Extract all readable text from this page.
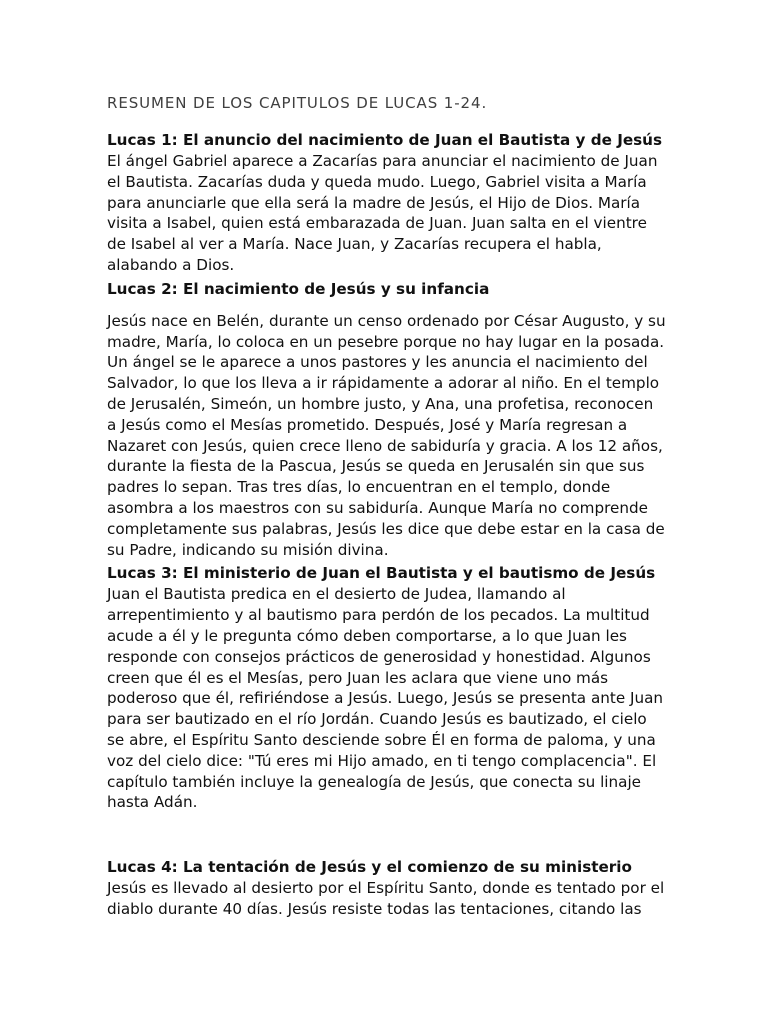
RESUMEN DE LOS CAPITULOS DE LUCAS 1-24.
Lucas 1: El anuncio del nacimiento de Juan el Bautista y de Jesús

El ángel Gabriel aparece a Zacarías para anunciar el nacimiento de Juan el Bautista. Zacarías duda y queda mudo. Luego, Gabriel visita a María para anunciarle que ella será la madre de Jesús, el Hijo de Dios. María visita a Isabel, quien está embarazada de Juan. Juan salta en el vientre de Isabel al ver a María. Nace Juan, y Zacarías recupera el habla, alabando a Dios.

Lucas 2: El nacimiento de Jesús y su infancia

Jesús nace en Belén, durante un censo ordenado por César Augusto, y su madre, María, lo coloca en un pesebre porque no hay lugar en la posada. Un ángel se le aparece a unos pastores y les anuncia el nacimiento del Salvador, lo que los lleva a ir rápidamente a adorar al niño. En el templo de Jerusalén, Simeón, un hombre justo, y Ana, una profetisa, reconocen a Jesús como el Mesías prometido. Después, José y María regresan a Nazaret con Jesús, quien crece lleno de sabiduría y gracia. A los 12 años, durante la fiesta de la Pascua, Jesús se queda en Jerusalén sin que sus padres lo sepan. Tras tres días, lo encuentran en el templo, donde asombra a los maestros con su sabiduría. Aunque María no comprende completamente sus palabras, Jesús les dice que debe estar en la casa de su Padre, indicando su misión divina.

Lucas 3: El ministerio de Juan el Bautista y el bautismo de Jesús

Juan el Bautista predica en el desierto de Judea, llamando al arrepentimiento y al bautismo para perdón de los pecados. La multitud acude a él y le pregunta cómo deben comportarse, a lo que Juan les responde con consejos prácticos de generosidad y honestidad. Algunos creen que él es el Mesías, pero Juan les aclara que viene uno más poderoso que él, refiriéndose a Jesús. Luego, Jesús se presenta ante Juan para ser bautizado en el río Jordán. Cuando Jesús es bautizado, el cielo se abre, el Espíritu Santo desciende sobre Él en forma de paloma, y una voz del cielo dice: "Tú eres mi Hijo amado, en ti tengo complacencia". El capítulo también incluye la genealogía de Jesús, que conecta su linaje hasta Adán.

Lucas 4: La tentación de Jesús y el comienzo de su ministerio

Jesús es llevado al desierto por el Espíritu Santo, donde es tentado por el diablo durante 40 días. Jesús resiste todas las tentaciones, citando las
